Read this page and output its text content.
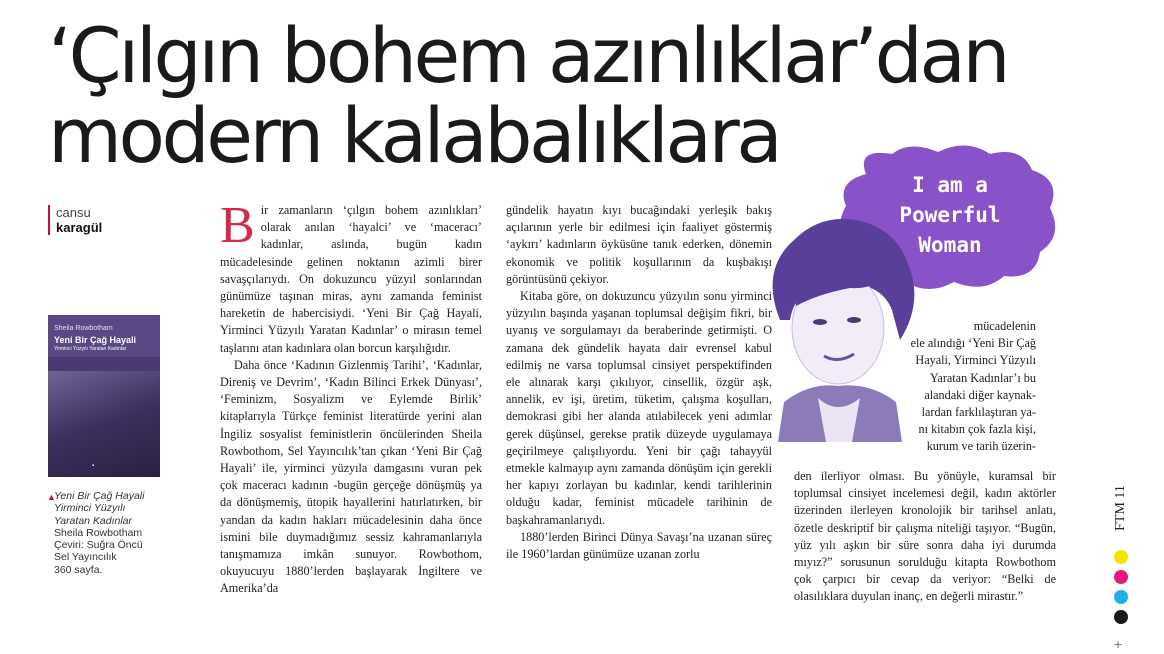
‘Çılgın bohem azınlıklar’dan modern kalabalıklara
cansu
karagül
Sheila Rowbotham
Yeni Bir Çağ Hayali
Yirminci Yüzyılı Yaratan Kadınlar
▪
▲
Yeni Bir Çağ Hayali
Yirminci Yüzyılı
Yaratan Kadınlar
Sheila Rowbotham
Çeviri: Suğra Öncü
Sel Yayıncılık
360 sayfa.

Bir zamanların ‘çılgın bohem azınlıkları’ olarak anılan ‘hayalci’ ve ‘maceracı’ kadınlar, aslında, bugün kadın mücadelesinde gelinen noktanın azimli birer savaşçılarıydı. On dokuzuncu yüzyıl sonlarından günümüze taşınan miras, aynı zamanda feminist hareketin de habercisiydi. ‘Yeni Bir Çağ Hayali, Yirminci Yüzyılı Yaratan Kadınlar’ o mirasın temel taşlarını atan kadınlara olan borcun karşılığıdır.

Daha önce ‘Kadının Gizlenmiş Tarihi’, ‘Kadınlar, Direniş ve Devrim’, ‘Kadın Bilinci Erkek Dünyası’, ‘Feminizm, Sosyalizm ve Eylemde Birlik’ kitaplarıyla Türkçe feminist literatürde yerini alan İngiliz sosyalist feministlerin öncülerinden Sheila Rowbothom, Sel Yayıncılık’tan çıkan ‘Yeni Bir Çağ Hayali’ ile, yirminci yüzyıla damgasını vuran pek çok maceracı kadının -bugün gerçeğe dönüşmüş ya da dönüşmemiş, ütopik hayallerini hatırlatırken, bir yandan da kadın hakları mücadelesinin daha önce ismini bile duymadığımız sessiz kahramanlarıyla tanışmamıza imkân sunuyor. Rowbothom, okuyucuyu 1880’lerden başlayarak İngiltere ve Amerika’da

gündelik hayatın kıyı bucağındaki yerleşik bakış açılarının yerle bir edilmesi için faaliyet göstermiş ‘aykırı’ kadınların öyküsüne tanık ederken, dönemin ekonomik ve politik koşullarının da kuşbakışı görüntüsünü çekiyor.

Kitaba göre, on dokuzuncu yüzyılın sonu yirminci yüzyılın başında yaşanan toplumsal değişim fikri, bir uyanış ve sorgulamayı da beraberinde getirmişti. O zamana dek gündelik hayata dair evrensel kabul edilmiş ne varsa toplumsal cinsiyet perspektifinden ele alınarak karşı çıkılıyor, cinsellik, özgür aşk, annelik, ev işi, üretim, tüketim, çalışma koşulları, demokrasi gibi her alanda atılabilecek yeni adımlar gerek düşünsel, gerekse pratik düzeyde uygulamaya geçirilmeye çalışılıyordu. Yeni bir çağı tahayyül etmekle kalmayıp aynı zamanda dönüşüm için gerekli her kapıyı zorlayan bu kadınlar, kendi tarihlerinin olduğu kadar, feminist mücadele tarihinin de başkahramanlarıydı.

1880’lerden Birinci Dünya Savaşı’na uzanan süreç ile 1960’lardan günümüze uzanan zorlu

mücadelenin
ele alındığı ‘Yeni Bir Çağ
Hayali, Yirminci Yüzyılı
Yaratan Kadınlar’ı bu
alandaki diğer kaynak-
lardan farklılaştıran ya-
nı kitabın çok fazla kişi,
kurum ve tarih üzerin-

den ilerliyor olması. Bu yönüyle, kuramsal bir toplumsal cinsiyet incelemesi değil, kadın aktörler üzerinden ilerleyen kronolojik bir tarihsel anlatı, özetle deskriptif bir çalışma niteliği taşıyor. “Bugün, yüz yılı aşkın bir süre sonra daha iyi durumda mıyız?” sorusunun sorulduğu kitapta Rowbothom çok çarpıcı bir cevap da veriyor: “Belki de olasılıklara duyulan inanç, en değerli mirastır.”

I am a
Powerful
Woman
FTM 11
+
